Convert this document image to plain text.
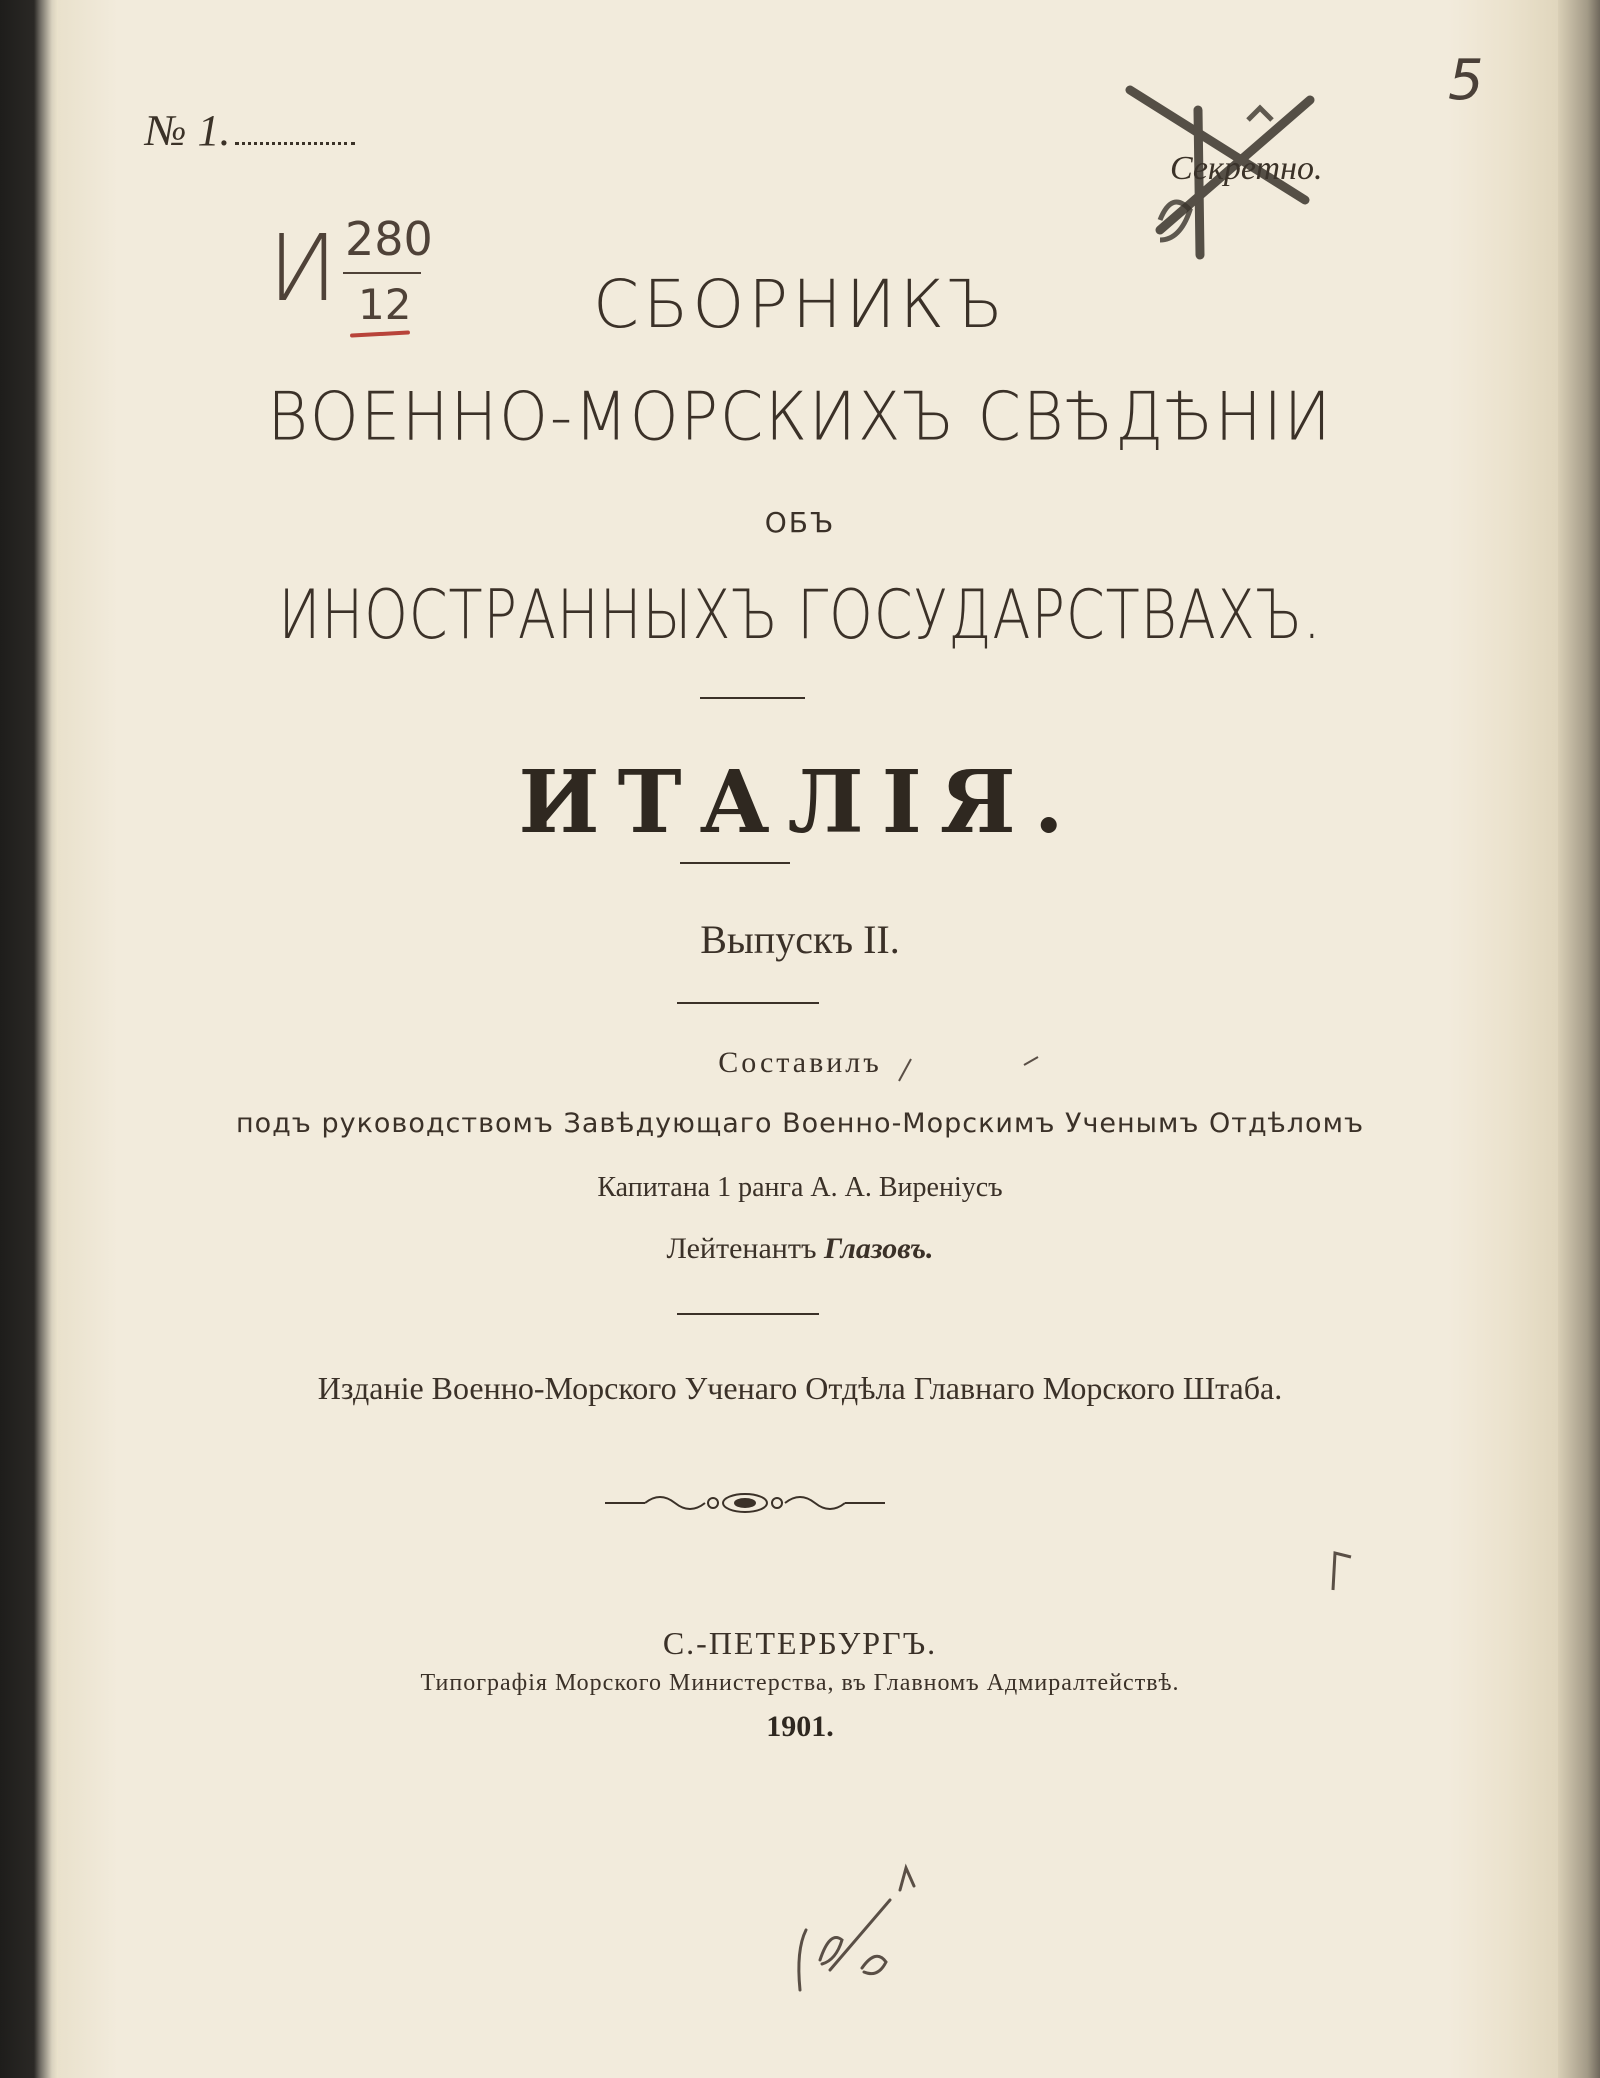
№ 1.
Секретно.
5
И 280
12	СБОРНИКЪ
ВОЕННО-МОРСКИХЪ СВѢДѢНІИ
ОБЪ
ИНОСТРАННЫХЪ ГОСУДАРСТВАХЪ.
ИТАЛІЯ.
Выпускъ II.
Составилъ
подъ руководствомъ Завѣдующаго Военно-Морскимъ Ученымъ Отдѣломъ
Капитана 1 ранга А. А. Виреніусъ
Лейтенантъ Глазовъ.
Изданіе Военно-Морского Ученаго Отдѣла Главнаго Морского Штаба.
С.-ПЕТЕРБУРГЪ.
Типографія Морского Министерства, въ Главномъ Адмиралтействѣ.
1901.
